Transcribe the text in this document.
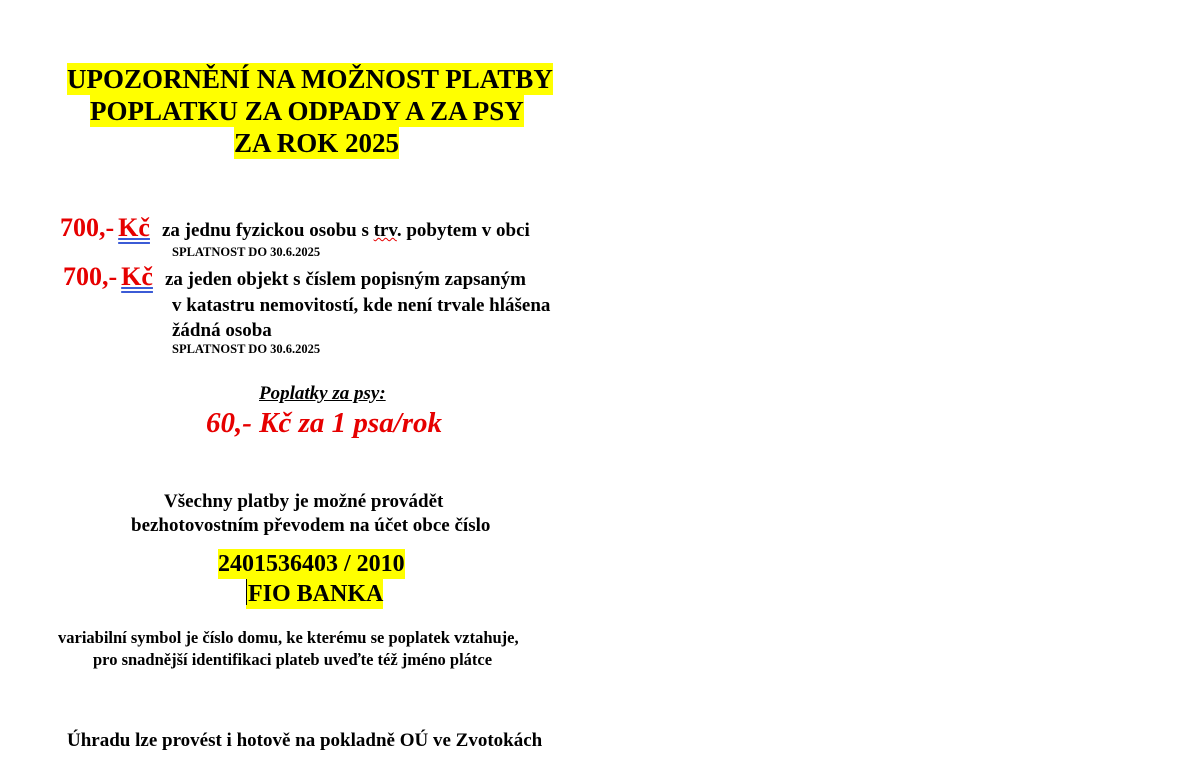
UPOZORNĚNÍ NA MOŽNOST PLATBY
POPLATKU ZA ODPADY A ZA PSY
ZA ROK 2025
700,- Kč za jednu fyzickou osobu s trv. pobytem v obci
SPLATNOST DO 30.6.2025
700,- Kč za jeden objekt s číslem popisným zapsaným
v katastru nemovitostí, kde není trvale hlášena
žádná osoba
SPLATNOST DO 30.6.2025
Poplatky za psy:
60,- Kč za 1 psa/rok
Všechny platby je možné provádět
bezhotovostním převodem na účet obce číslo
2401536403 / 2010
FIO BANKA
variabilní symbol je číslo domu, ke kterému se poplatek vztahuje,
pro snadnější identifikaci plateb uveďte též jméno plátce
Úhradu lze provést i hotově na pokladně OÚ ve Zvotokách
